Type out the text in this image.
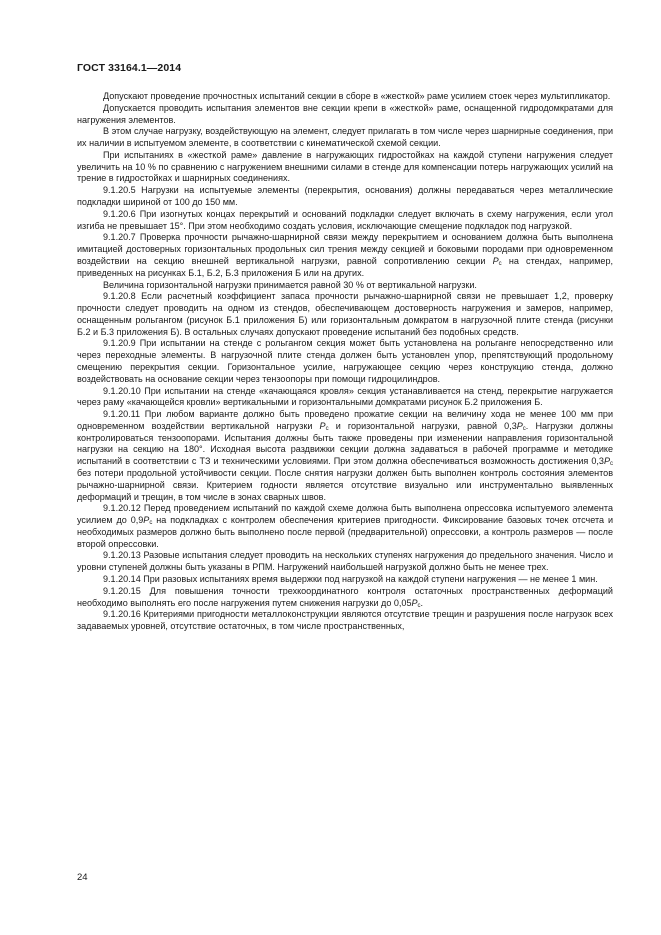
ГОСТ 33164.1—2014

Допускают проведение прочностных испытаний секции в сборе в «жесткой» раме усилием стоек через мультипликатор.

Допускается проводить испытания элементов вне секции крепи в «жесткой» раме, оснащенной гидродомкратами для нагружения элементов.

В этом случае нагрузку, воздействующую на элемент, следует прилагать в том числе через шарнирные соединения, при их наличии в испытуемом элементе, в соответствии с кинематической схемой секции.

При испытаниях в «жесткой раме» давление в нагружающих гидростойках на каждой ступени нагружения следует увеличить на 10 % по сравнению с нагружением внешними силами в стенде для компенсации потерь нагружающих усилий на трение в гидростойках и шарнирных соединениях.

9.1.20.5 Нагрузки на испытуемые элементы (перекрытия, основания) должны передаваться через металлические подкладки шириной от 100 до 150 мм.

9.1.20.6 При изогнутых концах перекрытий и оснований подкладки следует включать в схему нагружения, если угол изгиба не превышает 15°. При этом необходимо создать условия, исключающие смещение подкладок под нагрузкой.

9.1.20.7 Проверка прочности рычажно-шарнирной связи между перекрытием и основанием должна быть выполнена имитацией достоверных горизонтальных продольных сил трения между секцией и боковыми породами при одновременном воздействии на секцию внешней вертикальной нагрузки, равной сопротивлению секции $P_с$ на стендах, например, приведенных на рисунках Б.1, Б.2, Б.3 приложения Б или на других.

Величина горизонтальной нагрузки принимается равной 30 % от вертикальной нагрузки.

9.1.20.8 Если расчетный коэффициент запаса прочности рычажно-шарнирной связи не превышает 1,2, проверку прочности следует проводить на одном из стендов, обеспечивающем достоверность нагружения и замеров, например, оснащенным рольгангом (рисунок Б.1 приложения Б) или горизонтальным домкратом в нагрузочной плите стенда (рисунки Б.2 и Б.3 приложения Б). В остальных случаях допускают проведение испытаний без подобных средств.

9.1.20.9 При испытании на стенде с рольгангом секция может быть установлена на рольганге непосредственно или через переходные элементы. В нагрузочной плите стенда должен быть установлен упор, препятствующий продольному смещению перекрытия секции. Горизонтальное усилие, нагружающее секцию через конструкцию стенда, должно воздействовать на основание секции через тензоопоры при помощи гидроцилиндров.

9.1.20.10 При испытании на стенде «качающаяся кровля» секция устанавливается на стенд, перекрытие нагружается через раму «качающейся кровли» вертикальными и горизонтальными домкратами рисунок Б.2 приложения Б.

9.1.20.11 При любом варианте должно быть проведено прожатие секции на величину хода не менее 100 мм при одновременном воздействии вертикальной нагрузки $P_с$ и горизонтальной нагрузки, равной $0,3P_с$. Нагрузки должны контролироваться тензоопорами. Испытания должны быть также проведены при изменении направления горизонтальной нагрузки на секцию на 180°. Исходная высота раздвижки секции должна задаваться в рабочей программе и методике испытаний в соответствии с ТЗ и техническими условиями. При этом должна обеспечиваться возможность достижения $0,3P_с$ без потери продольной устойчивости секции. После снятия нагрузки должен быть выполнен контроль состояния элементов рычажно-шарнирной связи. Критерием годности является отсутствие визуально или инструментально выявленных деформаций и трещин, в том числе в зонах сварных швов.

9.1.20.12 Перед проведением испытаний по каждой схеме должна быть выполнена опрессовка испытуемого элемента усилием до $0,9P_с$ на подкладках с контролем обеспечения критериев пригодности. Фиксирование базовых точек отсчета и необходимых размеров должно быть выполнено после первой (предварительной) опрессовки, а контроль размеров — после второй опрессовки.

9.1.20.13 Разовые испытания следует проводить на нескольких ступенях нагружения до предельного значения. Число и уровни ступеней должны быть указаны в РПМ. Нагружений наибольшей нагрузкой должно быть не менее трех.

9.1.20.14 При разовых испытаниях время выдержки под нагрузкой на каждой ступени нагружения — не менее 1 мин.

9.1.20.15 Для повышения точности трехкоординатного контроля остаточных пространственных деформаций необходимо выполнять его после нагружения путем снижения нагрузки до $0,05P_с$.

9.1.20.16 Критериями пригодности металлоконструкции являются отсутствие трещин и разрушения после нагрузок всех задаваемых уровней, отсутствие остаточных, в том числе пространственных,

24
